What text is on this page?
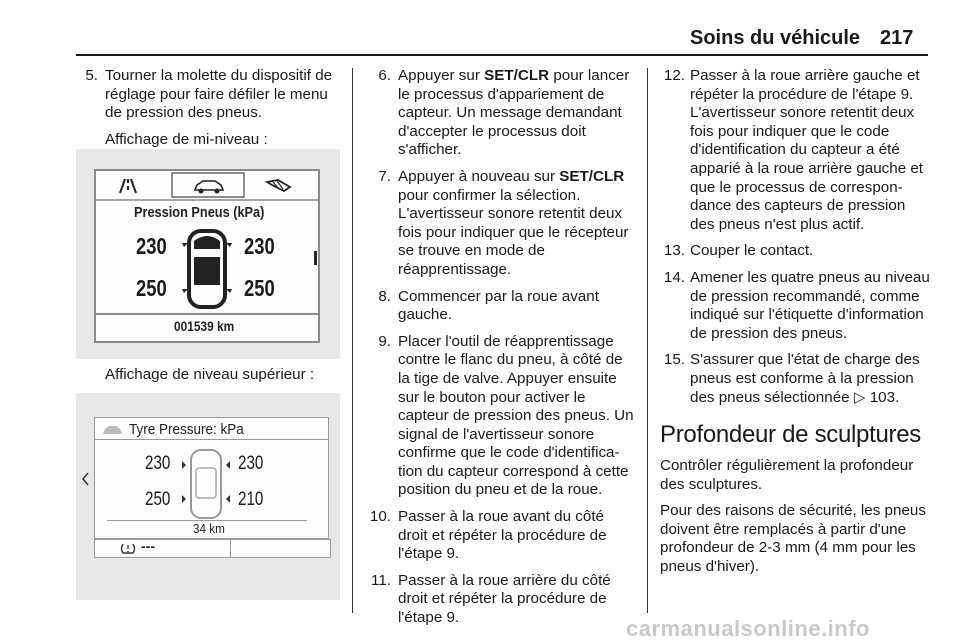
Soins du véhicule 217
5. Tourner la molette du dispositif de réglage pour faire défiler le menu de pression des pneus.
Affichage de mi-niveau :
Pression Pneus (kPa)
230	230
250	250
001539 km
Affichage de niveau supérieur :
Tyre Pressure: kPa
230	230
250	210
34 km
---
6. Appuyer sur SET/CLR pour lancer le processus d'appariement de capteur. Un message demandant d'accepter le processus doit s'afficher.
7. Appuyer à nouveau sur SET/CLR pour confirmer la sélection. L'avertisseur sonore retentit deux fois pour indiquer que le récepteur se trouve en mode de réapprentissage.
8. Commencer par la roue avant gauche.
9. Placer l'outil de réapprentissage contre le flanc du pneu, à côté de la tige de valve. Appuyer ensuite sur le bouton pour activer le capteur de pression des pneus. Un signal de l'avertisseur sonore confirme que le code d'identification du capteur correspond à cette position du pneu et de la roue.
10. Passer à la roue avant du côté droit et répéter la procédure de l'étape 9.
11. Passer à la roue arrière du côté droit et répéter la procédure de l'étape 9.
12. Passer à la roue arrière gauche et répéter la procédure de l'étape 9. L'avertisseur sonore retentit deux fois pour indiquer que le code d'identification du capteur a été apparié à la roue arrière gauche et que le processus de correspondance des capteurs de pression des pneus n'est plus actif.
13. Couper le contact.
14. Amener les quatre pneus au niveau de pression recommandé, comme indiqué sur l'étiquette d'information de pression des pneus.
15. S'assurer que l'état de charge des pneus est conforme à la pression des pneus sélectionnée ▷ 103.
Profondeur de sculptures
Contrôler régulièrement la profondeur des sculptures.
Pour des raisons de sécurité, les pneus doivent être remplacés à partir d'une profondeur de 2-3 mm (4 mm pour les pneus d'hiver).
carmanualsonline.info
